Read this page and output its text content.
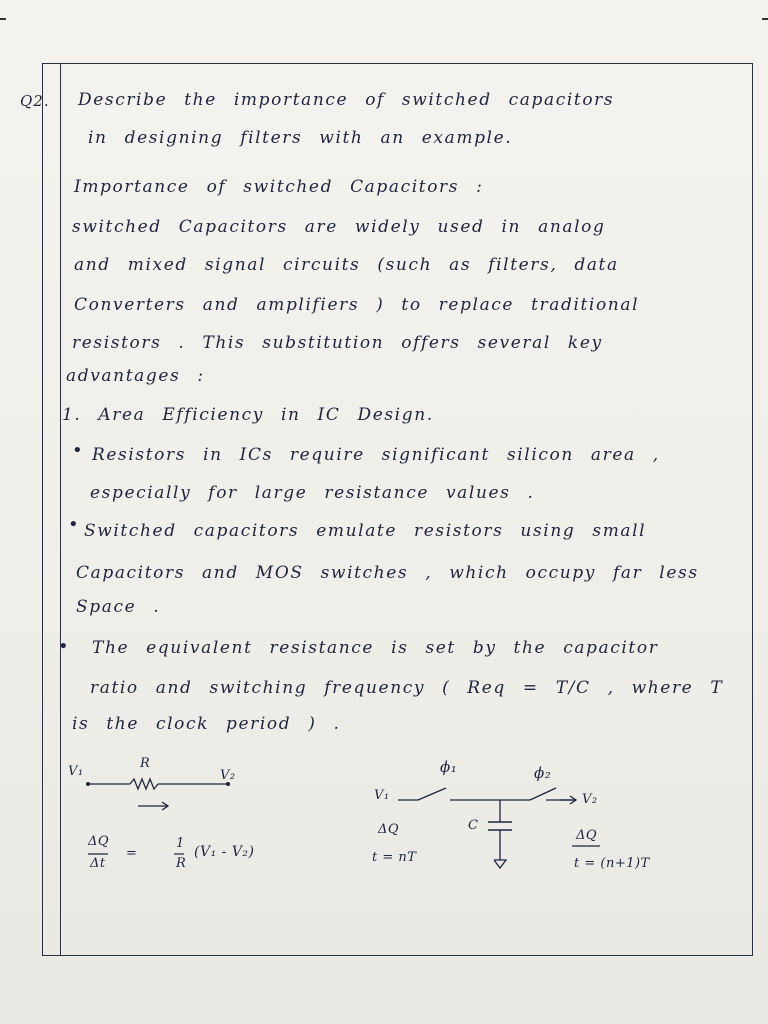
Q2. Describe the importance of switched capacitors
in designing filters with an example.
Importance of switched Capacitors :
switched Capacitors are widely used in analog
and mixed signal circuits (such as filters, data
Converters and amplifiers ) to replace traditional
resistors . This substitution offers several key
advantages :
1. Area Efficiency in IC Design.
• Resistors in ICs require significant silicon area ,
especially for large resistance values .
• Switched capacitors emulate resistors using small
Capacitors and MOS switches , which occupy far less
Space .
• The equivalent resistance is set by the capacitor
ratio and switching frequency ( Req = T/C , where T
is the clock period ) .
V₁
R
V₂
ΔQ
Δt
=
1
R
(V₁ - V₂)
V₁
ϕ₁	ϕ₂
V₂
C
ΔQ
t = nT
ΔQ
t = (n+1)T
